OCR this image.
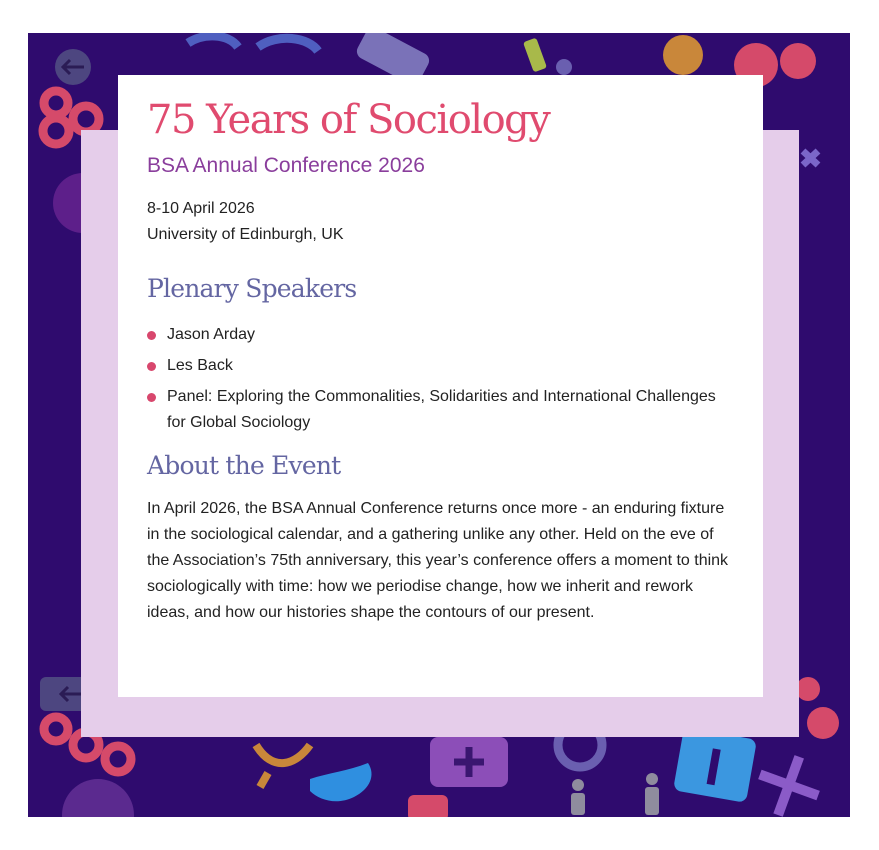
75 Years of Sociology
BSA Annual Conference 2026
8-10 April 2026
University of Edinburgh, UK
Plenary Speakers
Jason Arday
Les Back
Panel: Exploring the Commonalities, Solidarities and International Challenges for Global Sociology
About the Event

In April 2026, the BSA Annual Conference returns once more - an enduring fixture in the sociological calendar, and a gathering unlike any other. Held on the eve of the Association’s 75th anniversary, this year’s conference offers a moment to think sociologically with time: how we periodise change, how we inherit and rework ideas, and how our histories shape the contours of our present.
